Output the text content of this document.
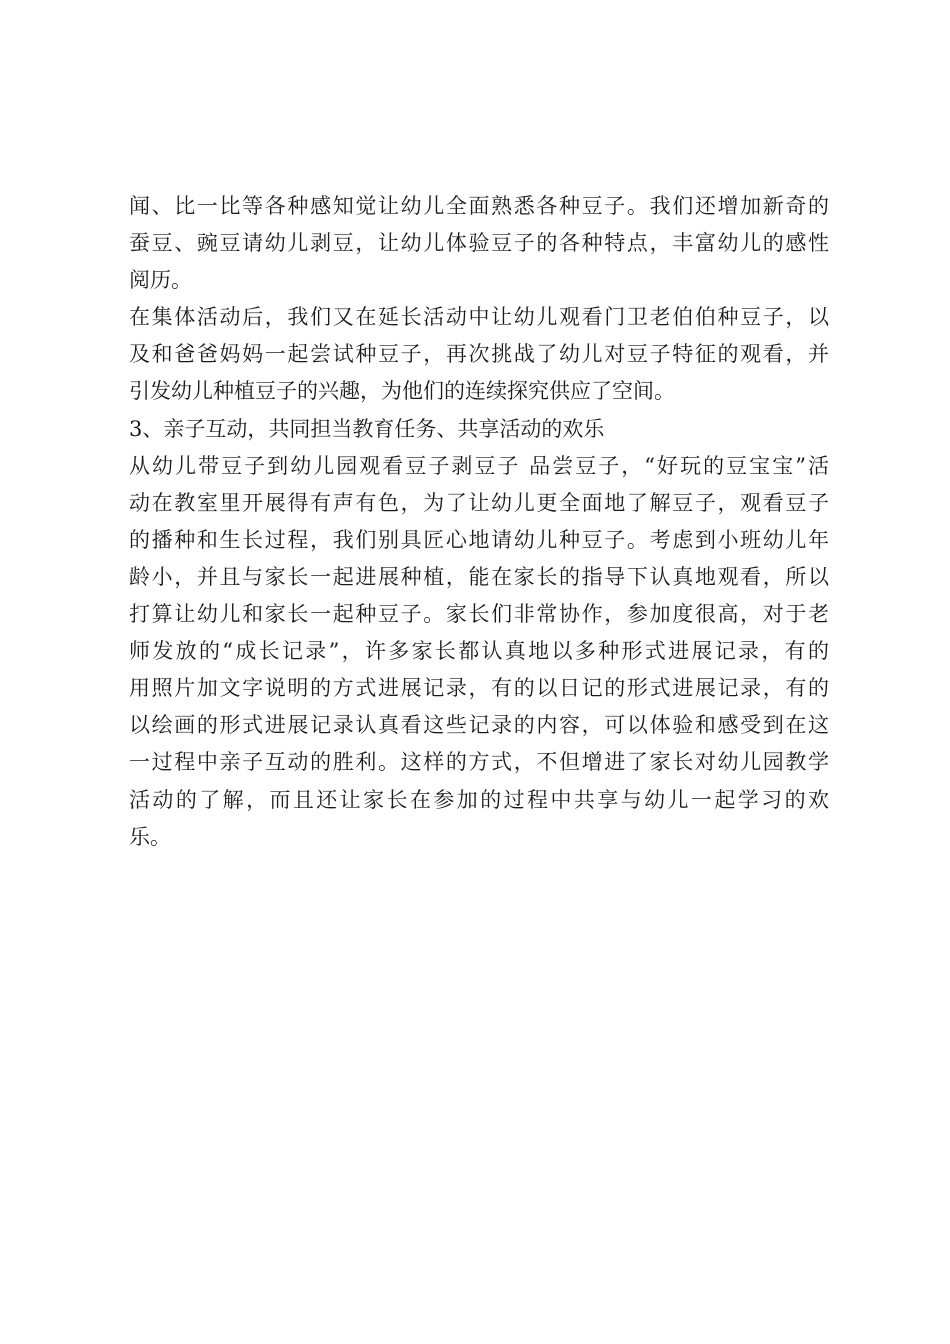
闻、比一比等各种感知觉让幼儿全面熟悉各种豆子。我们还增加新奇的
蚕豆、豌豆请幼儿剥豆，让幼儿体验豆子的各种特点，丰富幼儿的感性
阅历。
在集体活动后，我们又在延长活动中让幼儿观看门卫老伯伯种豆子，以
及和爸爸妈妈一起尝试种豆子，再次挑战了幼儿对豆子特征的观看，并
引发幼儿种植豆子的兴趣，为他们的连续探究供应了空间。
3、亲子互动，共同担当教育任务、共享活动的欢乐
从幼儿带豆子到幼儿园观看豆子剥豆子 品尝豆子，“好玩的豆宝宝”活
动在教室里开展得有声有色，为了让幼儿更全面地了解豆子，观看豆子
的播种和生长过程，我们别具匠心地请幼儿种豆子。考虑到小班幼儿年
龄小，并且与家长一起进展种植，能在家长的指导下认真地观看，所以
打算让幼儿和家长一起种豆子。家长们非常协作，参加度很高，对于老
师发放的“成长记录”，许多家长都认真地以多种形式进展记录，有的
用照片加文字说明的方式进展记录，有的以日记的形式进展记录，有的
以绘画的形式进展记录认真看这些记录的内容，可以体验和感受到在这
一过程中亲子互动的胜利。这样的方式，不但增进了家长对幼儿园教学
活动的了解，而且还让家长在参加的过程中共享与幼儿一起学习的欢
乐。
